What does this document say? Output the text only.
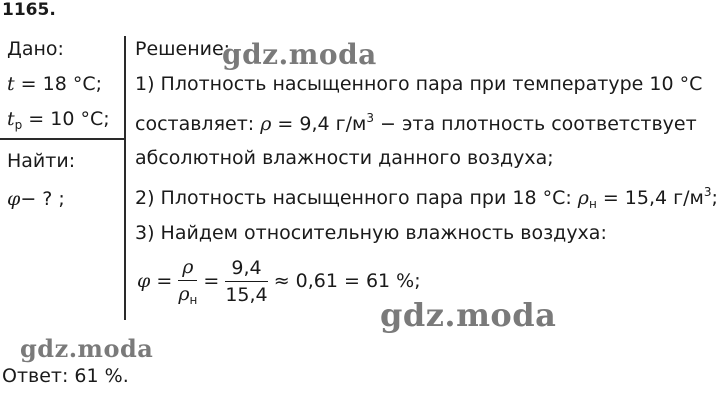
1165.
Дано:
t = 18 °C;
$t_р = 10$ °C;
Найти:
φ− ? ;
Решение:
1) Плотность насыщенного пара при температуре 10 °C
составляет: ρ = 9,4 $г/м^3$ − эта плотность соответствует
абсолютной влажности данного воздуха;
2) Плотность насыщенного пара при 18 °C: $\rho_н = 15,4$ $г/м^3$;
3) Найдем относительную влажность воздуха:
$\varphi = \frac{\rho}{\rho_н} = \frac{9,4}{15,4} \approx 0,61 = 61$ %;
Ответ: 61 %.
gdz.moda
gdz.moda
gdz.moda
